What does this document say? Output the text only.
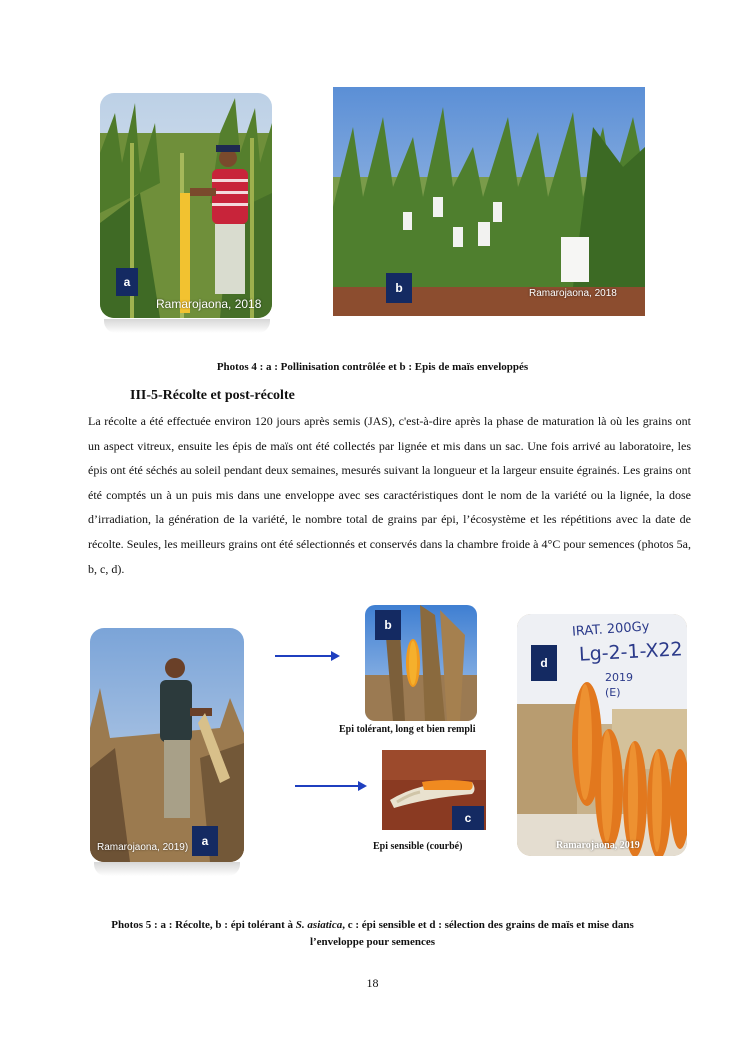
a
Ramarojaona, 2018
b	Ramarojaona, 2018
Photos 4 : a : Pollinisation contrôlée et b : Epis de maïs enveloppés
III-5-Récolte et post-récolte

La récolte a été effectuée environ 120 jours après semis (JAS), c'est-à-dire après la phase de maturation là où les grains ont un aspect vitreux, ensuite les épis de maïs ont été collectés par lignée et mis dans un sac. Une fois arrivé au laboratoire, les épis ont été séchés au soleil pendant deux semaines, mesurés suivant la longueur et la largeur ensuite égrainés. Les grains ont été comptés un à un puis mis dans une enveloppe avec ses caractéristiques dont le nom de la variété ou la lignée, la dose d’irradiation, la génération de la variété, le nombre total de grains par épi, l’écosystème et les répétitions avec la date de récolte. Seules, les meilleurs grains ont été sélectionnés et conservés dans la chambre froide à 4°C pour semences (photos 5a, b, c, d).

a
Ramarojaona, 2019)
b
Epi tolérant, long et bien rempli
c
Epi sensible (courbé)
IRAT. 200Gy
Lg-2-1-X22
2019
(E)
d
Ramarojaona, 2019
Photos 5 : a : Récolte, b : épi tolérant à S. asiatica, c : épi sensible et d : sélection des grains de maïs et mise dans
l’enveloppe pour semences
18
